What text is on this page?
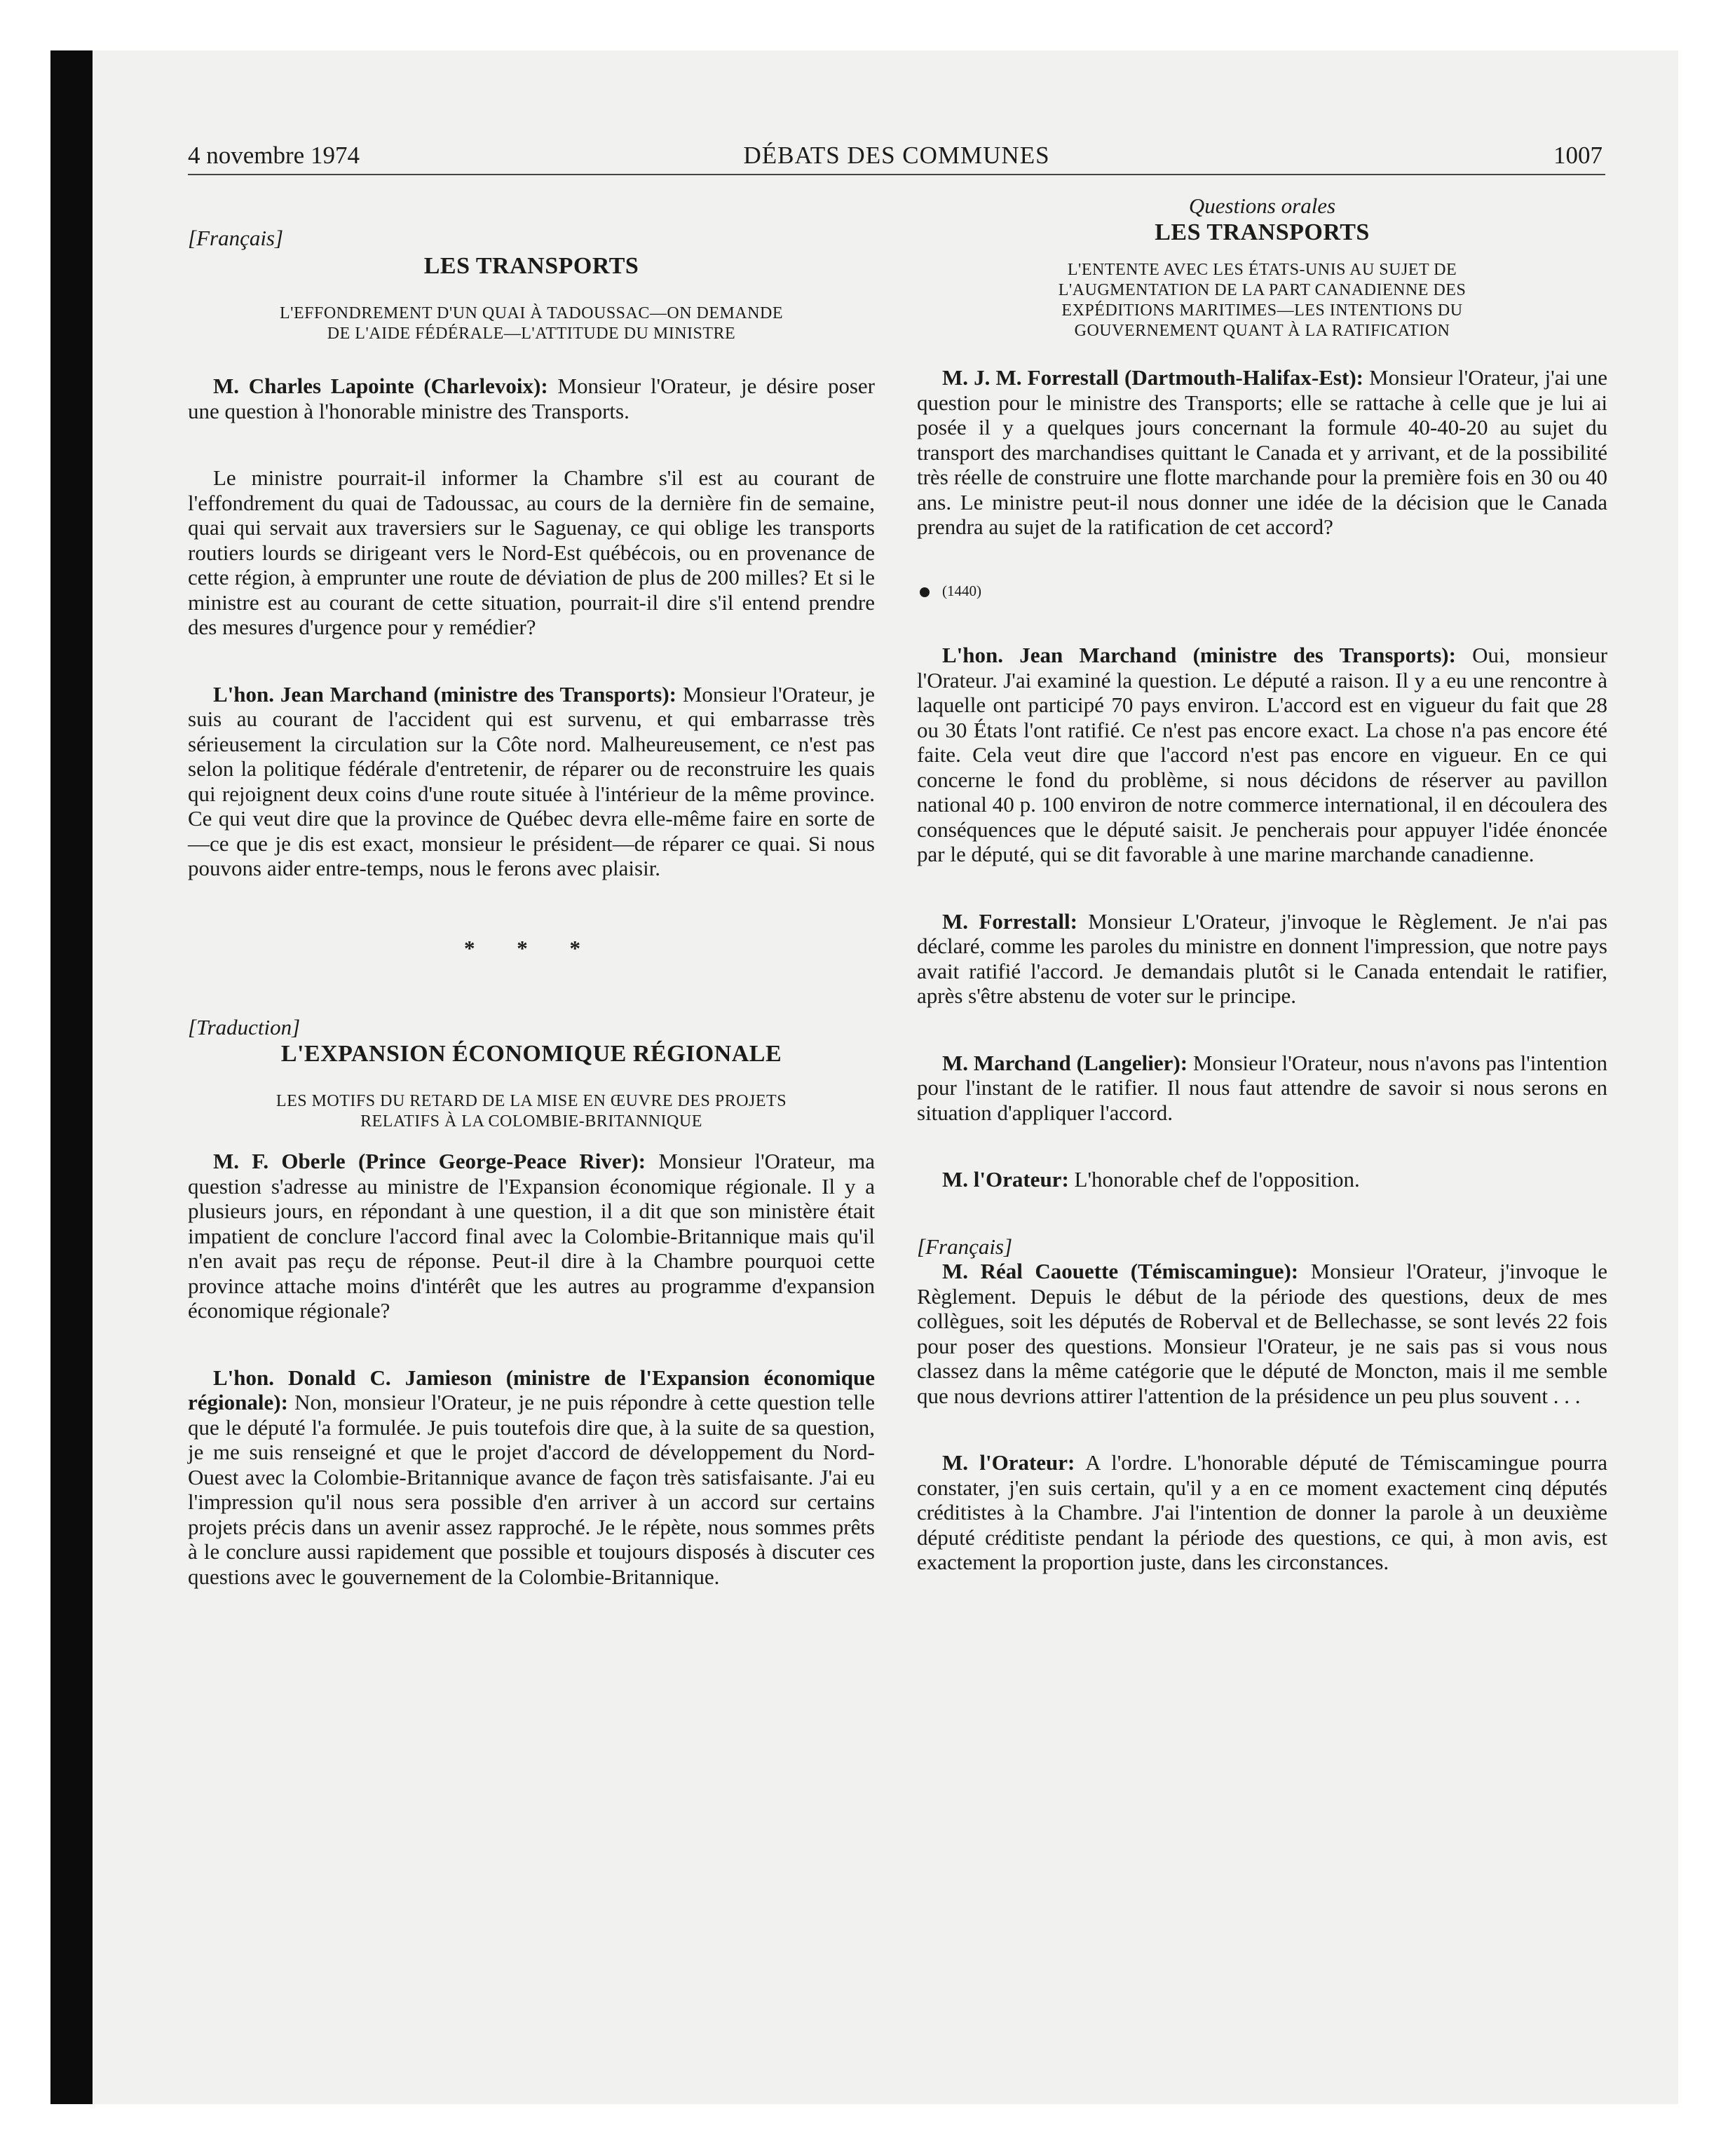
4 novembre 1974	DÉBATS DES COMMUNES	1007

[Français]

LES TRANSPORTS

L'EFFONDREMENT D'UN QUAI À TADOUSSAC—ON DEMANDE

DE L'AIDE FÉDÉRALE—L'ATTITUDE DU MINISTRE

M. Charles Lapointe (Charlevoix): Monsieur l'Orateur, je désire poser une question à l'honorable ministre des Transports.

Le ministre pourrait-il informer la Chambre s'il est au courant de l'effondrement du quai de Tadoussac, au cours de la dernière fin de semaine, quai qui servait aux traversiers sur le Saguenay, ce qui oblige les transports routiers lourds se dirigeant vers le Nord-Est québécois, ou en provenance de cette région, à emprunter une route de déviation de plus de 200 milles? Et si le ministre est au courant de cette situation, pourrait-il dire s'il entend prendre des mesures d'urgence pour y remédier?

L'hon. Jean Marchand (ministre des Transports): Monsieur l'Orateur, je suis au courant de l'accident qui est survenu, et qui embarrasse très sérieusement la circulation sur la Côte nord. Malheureusement, ce n'est pas selon la politique fédérale d'entretenir, de réparer ou de reconstruire les quais qui rejoignent deux coins d'une route située à l'intérieur de la même province. Ce qui veut dire que la province de Québec devra elle-même faire en sorte de—ce que je dis est exact, monsieur le président—de réparer ce quai. Si nous pouvons aider entre-temps, nous le ferons avec plaisir.

* * *

[Traduction]

L'EXPANSION ÉCONOMIQUE RÉGIONALE

LES MOTIFS DU RETARD DE LA MISE EN ŒUVRE DES PROJETS

RELATIFS À LA COLOMBIE-BRITANNIQUE

M. F. Oberle (Prince George-Peace River): Monsieur l'Orateur, ma question s'adresse au ministre de l'Expansion économique régionale. Il y a plusieurs jours, en répondant à une question, il a dit que son ministère était impatient de conclure l'accord final avec la Colombie-Britannique mais qu'il n'en avait pas reçu de réponse. Peut-il dire à la Chambre pourquoi cette province attache moins d'intérêt que les autres au programme d'expansion économique régionale?

L'hon. Donald C. Jamieson (ministre de l'Expansion économique régionale): Non, monsieur l'Orateur, je ne puis répondre à cette question telle que le député l'a formulée. Je puis toutefois dire que, à la suite de sa question, je me suis renseigné et que le projet d'accord de développement du Nord-Ouest avec la Colombie-Britannique avance de façon très satisfaisante. J'ai eu l'impression qu'il nous sera possible d'en arriver à un accord sur certains projets précis dans un avenir assez rapproché. Je le répète, nous sommes prêts à le conclure aussi rapidement que possible et toujours disposés à discuter ces questions avec le gouvernement de la Colombie-Britannique.

Questions orales

LES TRANSPORTS

L'ENTENTE AVEC LES ÉTATS-UNIS AU SUJET DE

L'AUGMENTATION DE LA PART CANADIENNE DES

EXPÉDITIONS MARITIMES—LES INTENTIONS DU

GOUVERNEMENT QUANT À LA RATIFICATION

M. J. M. Forrestall (Dartmouth-Halifax-Est): Monsieur l'Orateur, j'ai une question pour le ministre des Transports; elle se rattache à celle que je lui ai posée il y a quelques jours concernant la formule 40-40-20 au sujet du transport des marchandises quittant le Canada et y arrivant, et de la possibilité très réelle de construire une flotte marchande pour la première fois en 30 ou 40 ans. Le ministre peut-il nous donner une idée de la décision que le Canada prendra au sujet de la ratification de cet accord?

(1440)

L'hon. Jean Marchand (ministre des Transports): Oui, monsieur l'Orateur. J'ai examiné la question. Le député a raison. Il y a eu une rencontre à laquelle ont participé 70 pays environ. L'accord est en vigueur du fait que 28 ou 30 États l'ont ratifié. Ce n'est pas encore exact. La chose n'a pas encore été faite. Cela veut dire que l'accord n'est pas encore en vigueur. En ce qui concerne le fond du problème, si nous décidons de réserver au pavillon national 40 p. 100 environ de notre commerce international, il en découlera des conséquences que le député saisit. Je pencherais pour appuyer l'idée énoncée par le député, qui se dit favorable à une marine marchande canadienne.

M. Forrestall: Monsieur L'Orateur, j'invoque le Règlement. Je n'ai pas déclaré, comme les paroles du ministre en donnent l'impression, que notre pays avait ratifié l'accord. Je demandais plutôt si le Canada entendait le ratifier, après s'être abstenu de voter sur le principe.

M. Marchand (Langelier): Monsieur l'Orateur, nous n'avons pas l'intention pour l'instant de le ratifier. Il nous faut attendre de savoir si nous serons en situation d'appliquer l'accord.

M. l'Orateur: L'honorable chef de l'opposition.

[Français]

M. Réal Caouette (Témiscamingue): Monsieur l'Orateur, j'invoque le Règlement. Depuis le début de la période des questions, deux de mes collègues, soit les députés de Roberval et de Bellechasse, se sont levés 22 fois pour poser des questions. Monsieur l'Orateur, je ne sais pas si vous nous classez dans la même catégorie que le député de Moncton, mais il me semble que nous devrions attirer l'attention de la présidence un peu plus souvent . . .

M. l'Orateur: A l'ordre. L'honorable député de Témiscamingue pourra constater, j'en suis certain, qu'il y a en ce moment exactement cinq députés créditistes à la Chambre. J'ai l'intention de donner la parole à un deuxième député créditiste pendant la période des questions, ce qui, à mon avis, est exactement la proportion juste, dans les circonstances.
